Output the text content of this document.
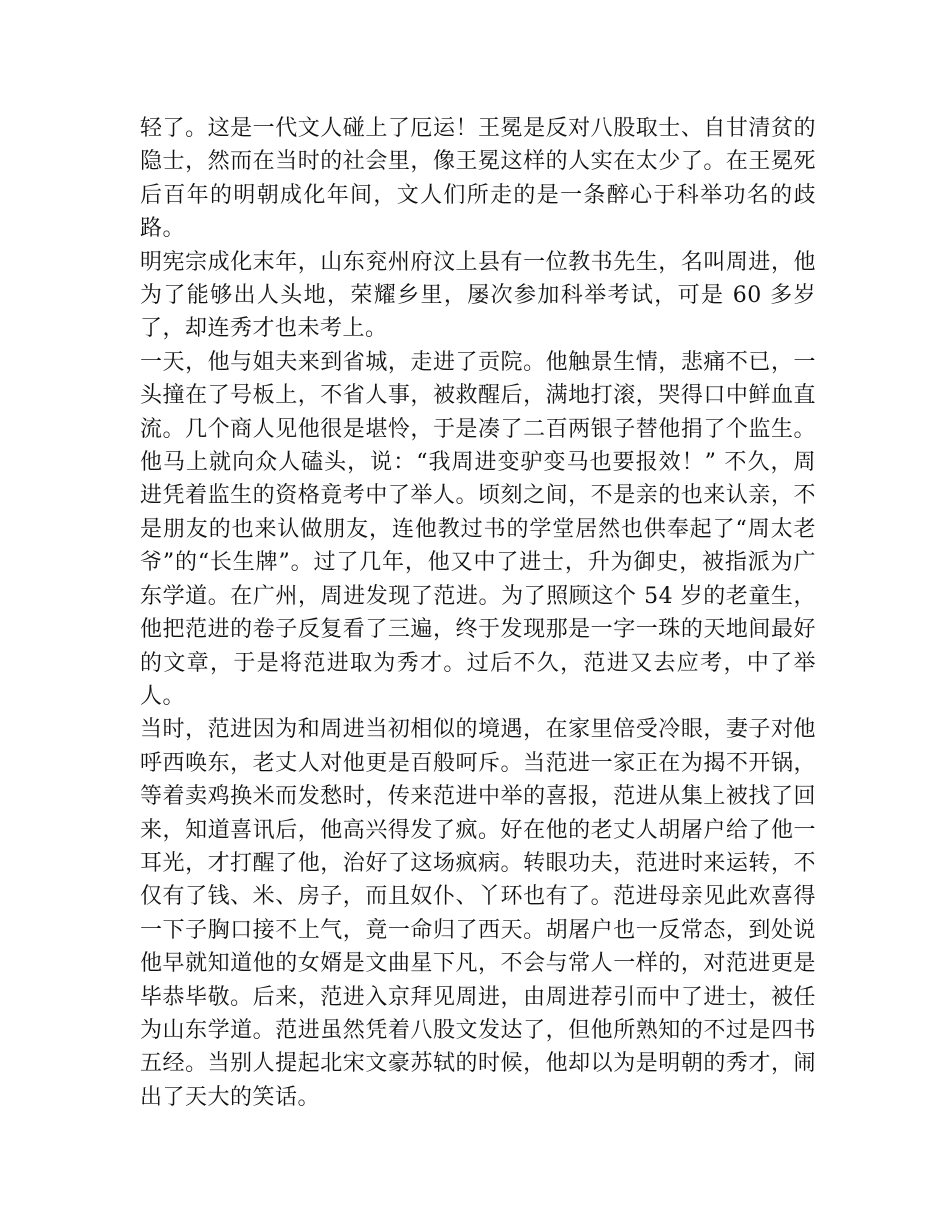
轻了。这是一代文人碰上了厄运！王冕是反对八股取士、自甘清贫的隐士，然而在当时的社会里，像王冕这样的人实在太少了。在王冕死后百年的明朝成化年间，文人们所走的是一条醉心于科举功名的歧路。

明宪宗成化末年，山东兖州府汶上县有一位教书先生，名叫周进，他为了能够出人头地，荣耀乡里，屡次参加科举考试，可是 60 多岁了，却连秀才也未考上。

一天，他与姐夫来到省城，走进了贡院。他触景生情，悲痛不已，一头撞在了号板上，不省人事，被救醒后，满地打滚，哭得口中鲜血直流。几个商人见他很是堪怜，于是凑了二百两银子替他捐了个监生。他马上就向众人磕头，说：“我周进变驴变马也要报效！” 不久，周进凭着监生的资格竟考中了举人。顷刻之间，不是亲的也来认亲，不是朋友的也来认做朋友，连他教过书的学堂居然也供奉起了“周太老爷”的“长生牌”。过了几年，他又中了进士，升为御史，被指派为广东学道。在广州，周进发现了范进。为了照顾这个 54 岁的老童生，他把范进的卷子反复看了三遍，终于发现那是一字一珠的天地间最好的文章，于是将范进取为秀才。过后不久，范进又去应考，中了举人。

当时，范进因为和周进当初相似的境遇，在家里倍受冷眼，妻子对他呼西唤东，老丈人对他更是百般呵斥。当范进一家正在为揭不开锅，等着卖鸡换米而发愁时，传来范进中举的喜报，范进从集上被找了回来，知道喜讯后，他高兴得发了疯。好在他的老丈人胡屠户给了他一耳光，才打醒了他，治好了这场疯病。转眼功夫，范进时来运转，不仅有了钱、米、房子，而且奴仆、丫环也有了。范进母亲见此欢喜得一下子胸口接不上气，竟一命归了西天。胡屠户也一反常态，到处说他早就知道他的女婿是文曲星下凡，不会与常人一样的，对范进更是毕恭毕敬。后来，范进入京拜见周进，由周进荐引而中了进士，被任为山东学道。范进虽然凭着八股文发达了，但他所熟知的不过是四书五经。当别人提起北宋文豪苏轼的时候，他却以为是明朝的秀才，闹出了天大的笑话。
